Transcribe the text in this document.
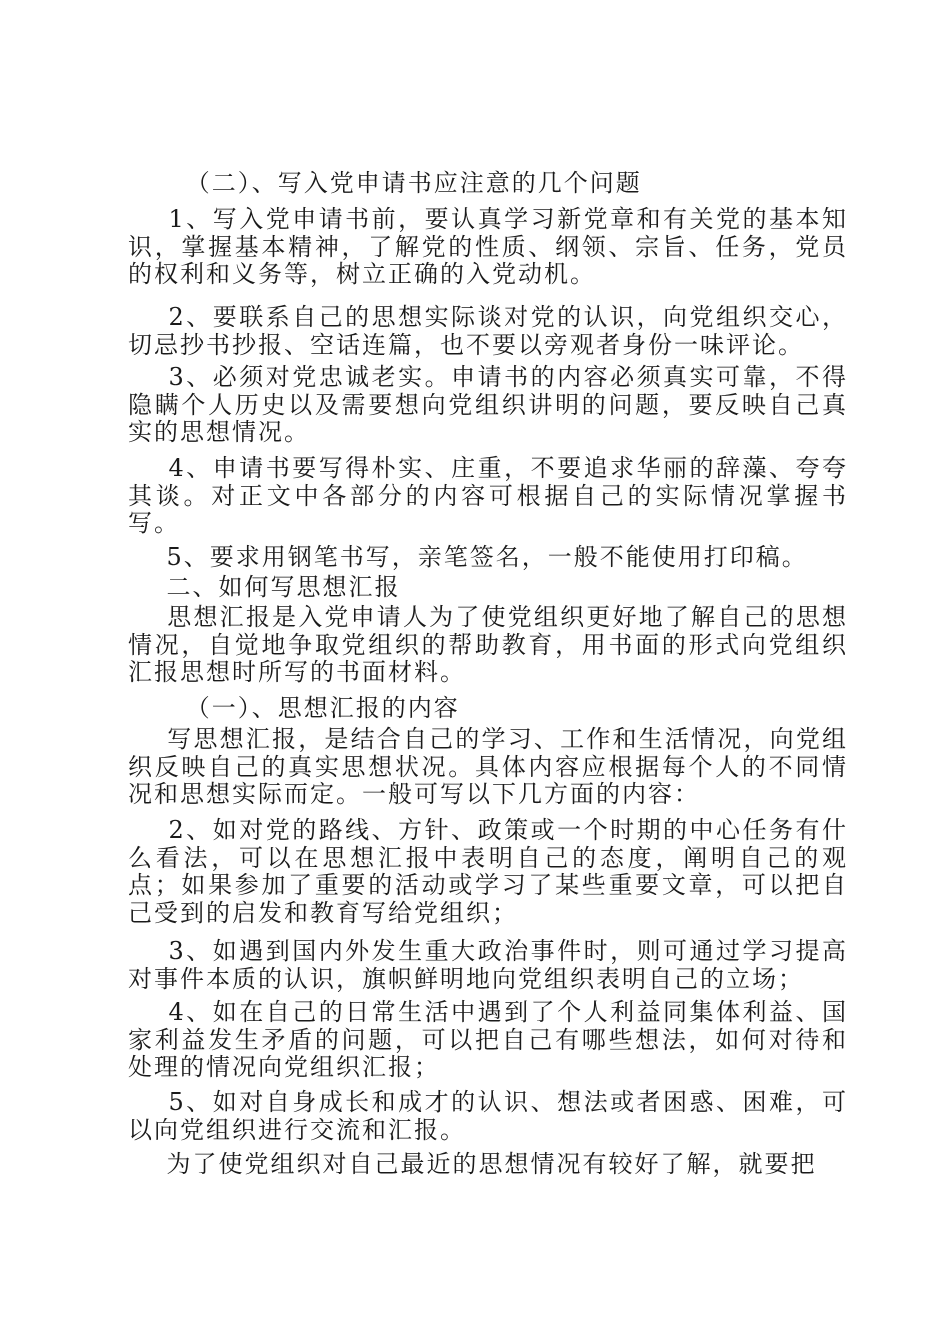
（二）、写入党申请书应注意的几个问题

1、写入党申请书前，要认真学习新党章和有关党的基本知识，掌握基本精神，了解党的性质、纲领、宗旨、任务，党员的权利和义务等，树立正确的入党动机。

2、要联系自己的思想实际谈对党的认识，向党组织交心，切忌抄书抄报、空话连篇，也不要以旁观者身份一味评论。

3、必须对党忠诚老实。申请书的内容必须真实可靠，不得隐瞒个人历史以及需要想向党组织讲明的问题，要反映自己真实的思想情况。

4、申请书要写得朴实、庄重，不要追求华丽的辞藻、夸夸其谈。对正文中各部分的内容可根据自己的实际情况掌握书写。

5、要求用钢笔书写，亲笔签名，一般不能使用打印稿。

二、如何写思想汇报

思想汇报是入党申请人为了使党组织更好地了解自己的思想情况，自觉地争取党组织的帮助教育，用书面的形式向党组织汇报思想时所写的书面材料。

（一）、思想汇报的内容

写思想汇报，是结合自己的学习、工作和生活情况，向党组织反映自己的真实思想状况。具体内容应根据每个人的不同情况和思想实际而定。一般可写以下几方面的内容：

2、如对党的路线、方针、政策或一个时期的中心任务有什么看法，可以在思想汇报中表明自己的态度，阐明自己的观点；如果参加了重要的活动或学习了某些重要文章，可以把自己受到的启发和教育写给党组织；

3、如遇到国内外发生重大政治事件时，则可通过学习提高对事件本质的认识，旗帜鲜明地向党组织表明自己的立场；

4、如在自己的日常生活中遇到了个人利益同集体利益、国家利益发生矛盾的问题，可以把自己有哪些想法，如何对待和处理的情况向党组织汇报；

5、如对自身成长和成才的认识、想法或者困惑、困难，可以向党组织进行交流和汇报。

为了使党组织对自己最近的思想情况有较好了解，就要把
